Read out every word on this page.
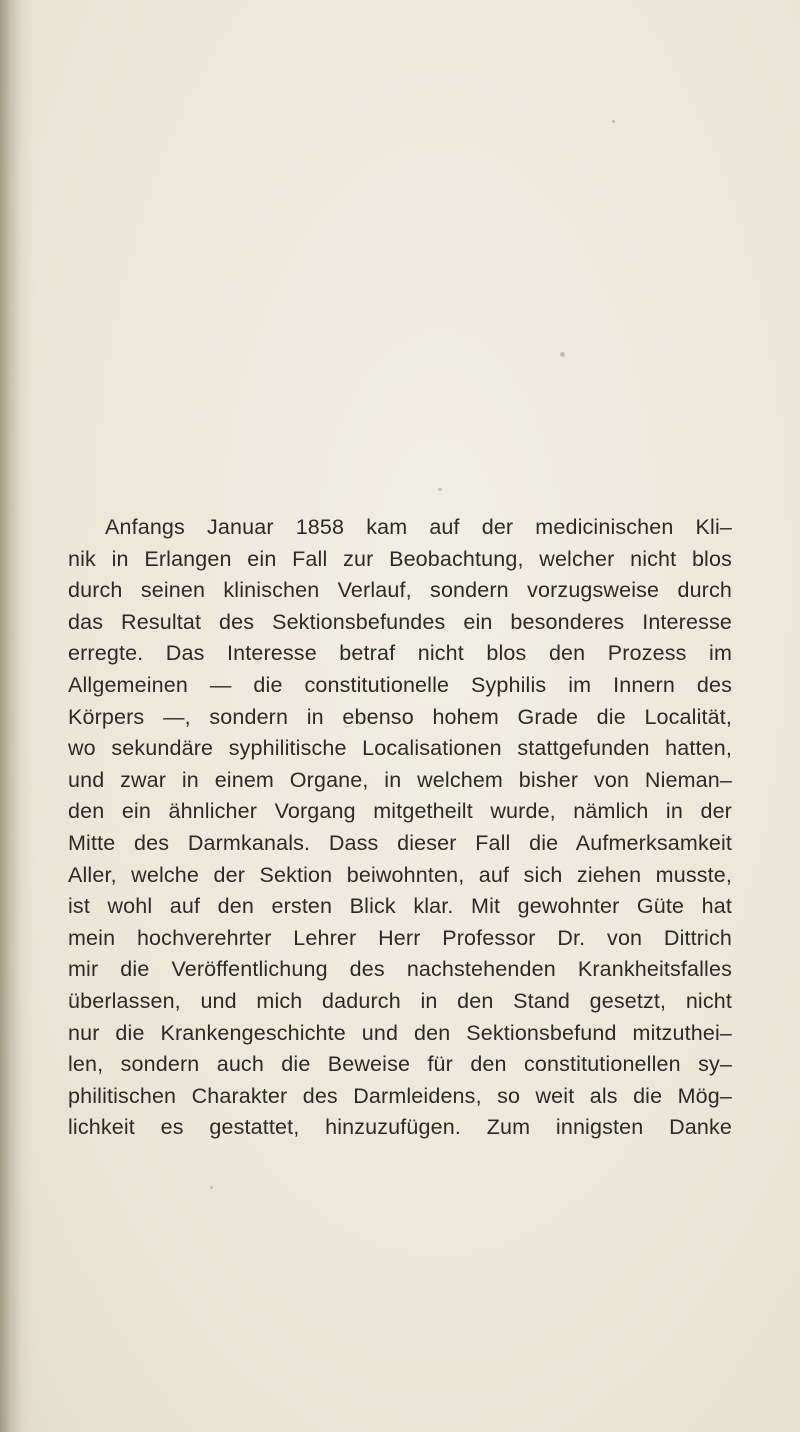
Anfangs Januar 1858 kam auf der medicinischen Kli–
nik in Erlangen ein Fall zur Beobachtung, welcher nicht blos
durch seinen klinischen Verlauf, sondern vorzugsweise durch
das Resultat des Sektionsbefundes ein besonderes Interesse
erregte. Das Interesse betraf nicht blos den Prozess im
Allgemeinen — die constitutionelle Syphilis im Innern des
Körpers —, sondern in ebenso hohem Grade die Localität,
wo sekundäre syphilitische Localisationen stattgefunden hatten,
und zwar in einem Organe, in welchem bisher von Nieman–
den ein ähnlicher Vorgang mitgetheilt wurde, nämlich in der
Mitte des Darmkanals. Dass dieser Fall die Aufmerksamkeit
Aller, welche der Sektion beiwohnten, auf sich ziehen musste,
ist wohl auf den ersten Blick klar. Mit gewohnter Güte hat
mein hochverehrter Lehrer Herr Professor Dr. von Dittrich
mir die Veröffentlichung des nachstehenden Krankheitsfalles
überlassen, und mich dadurch in den Stand gesetzt, nicht
nur die Krankengeschichte und den Sektionsbefund mitzuthei–
len, sondern auch die Beweise für den constitutionellen sy–
philitischen Charakter des Darmleidens, so weit als die Mög–
lichkeit es gestattet, hinzuzufügen. Zum innigsten Danke
